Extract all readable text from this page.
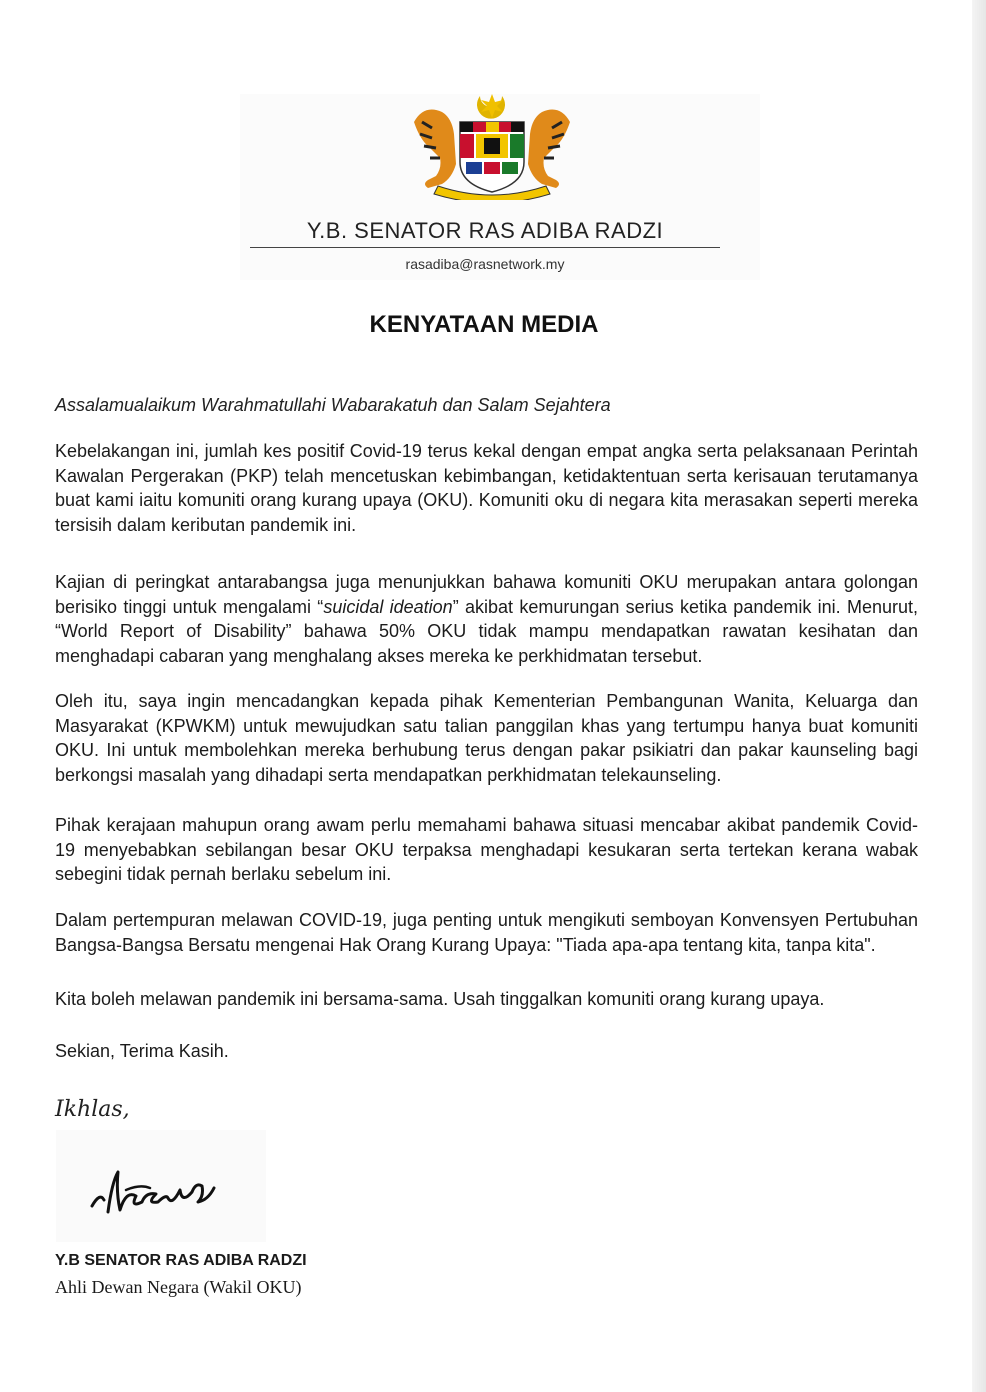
Y.B. SENATOR RAS ADIBA RADZI
rasadiba@rasnetwork.my
KENYATAAN MEDIA
Assalamualaikum Warahmatullahi Wabarakatuh dan Salam Sejahtera

Kebelakangan ini, jumlah kes positif Covid-19 terus kekal dengan empat angka serta pelaksanaan Perintah Kawalan Pergerakan (PKP) telah mencetuskan kebimbangan, ketidaktentuan serta kerisauan terutamanya buat kami iaitu komuniti orang kurang upaya (OKU). Komuniti oku di negara kita merasakan seperti mereka tersisih dalam keributan pandemik ini.

Kajian di peringkat antarabangsa juga menunjukkan bahawa komuniti OKU merupakan antara golongan berisiko tinggi untuk mengalami “suicidal ideation” akibat kemurungan serius ketika pandemik ini. Menurut, “World Report of Disability” bahawa 50% OKU tidak mampu mendapatkan rawatan kesihatan dan menghadapi cabaran yang menghalang akses mereka ke perkhidmatan tersebut.

Oleh itu, saya ingin mencadangkan kepada pihak Kementerian Pembangunan Wanita, Keluarga dan Masyarakat (KPWKM) untuk mewujudkan satu talian panggilan khas yang tertumpu hanya buat komuniti OKU. Ini untuk membolehkan mereka berhubung terus dengan pakar psikiatri dan pakar kaunseling bagi berkongsi masalah yang dihadapi serta mendapatkan perkhidmatan telekaunseling.

Pihak kerajaan mahupun orang awam perlu memahami bahawa situasi mencabar akibat pandemik Covid-19 menyebabkan sebilangan besar OKU terpaksa menghadapi kesukaran serta tertekan kerana wabak sebegini tidak pernah berlaku sebelum ini.

Dalam pertempuran melawan COVID-19, juga penting untuk mengikuti semboyan Konvensyen Pertubuhan Bangsa-Bangsa Bersatu mengenai Hak Orang Kurang Upaya: "Tiada apa-apa tentang kita, tanpa kita".

Kita boleh melawan pandemik ini bersama-sama. Usah tinggalkan komuniti orang kurang upaya.

Sekian, Terima Kasih.

Ikhlas,
Y.B SENATOR RAS ADIBA RADZI
Ahli Dewan Negara (Wakil OKU)
